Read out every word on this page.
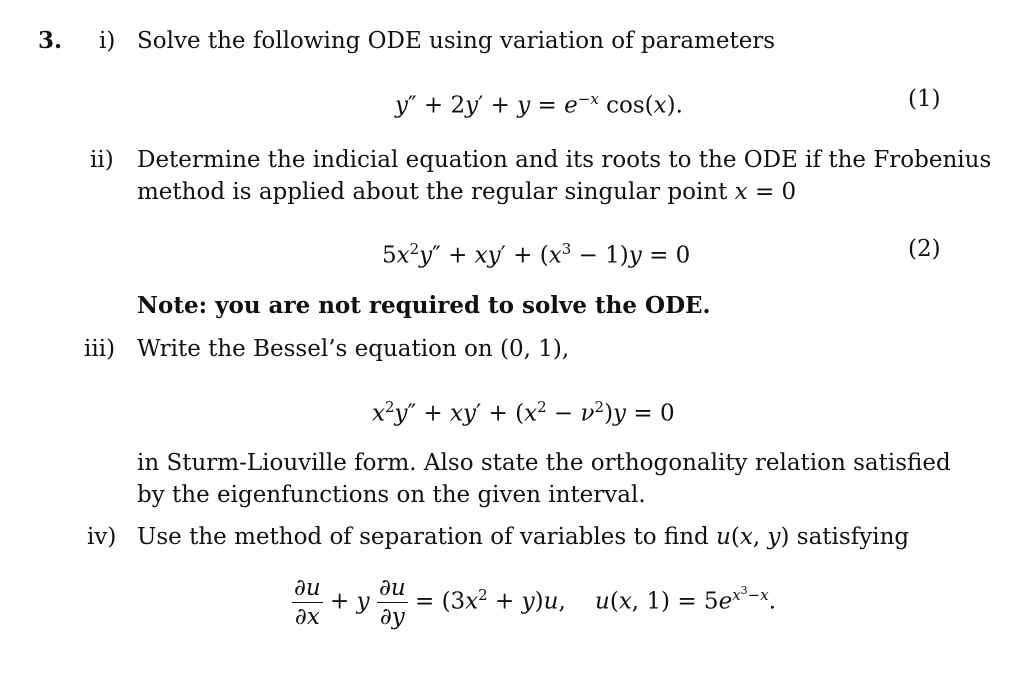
3. i) Solve the following ODE using variation of parameters
$y'' + 2y' + y = e^{-x}$ cos(x).	(1)
ii) Determine the indicial equation and its roots to the ODE if the Frobenius
method is applied about the regular singular point x = 0
$5x^2y'' + xy' + (x^3 - 1)y = 0$	(2)
Note: you are not required to solve the ODE.
iii) Write the Bessel’s equation on (0, 1),
$x^2y'' + xy' + (x^2 - \nu^2)y = 0$
in Sturm-Liouville form. Also state the orthogonality relation satisfied
by the eigenfunctions on the given interval.
iv) Use the method of separation of variables to find u(x, y) satisfying
$\frac{\partial u}{\partial x} + y \frac{\partial u}{\partial y} = (3x^2 + y)u$,    u(x, $1) = 5e^{x^3-x}$.
